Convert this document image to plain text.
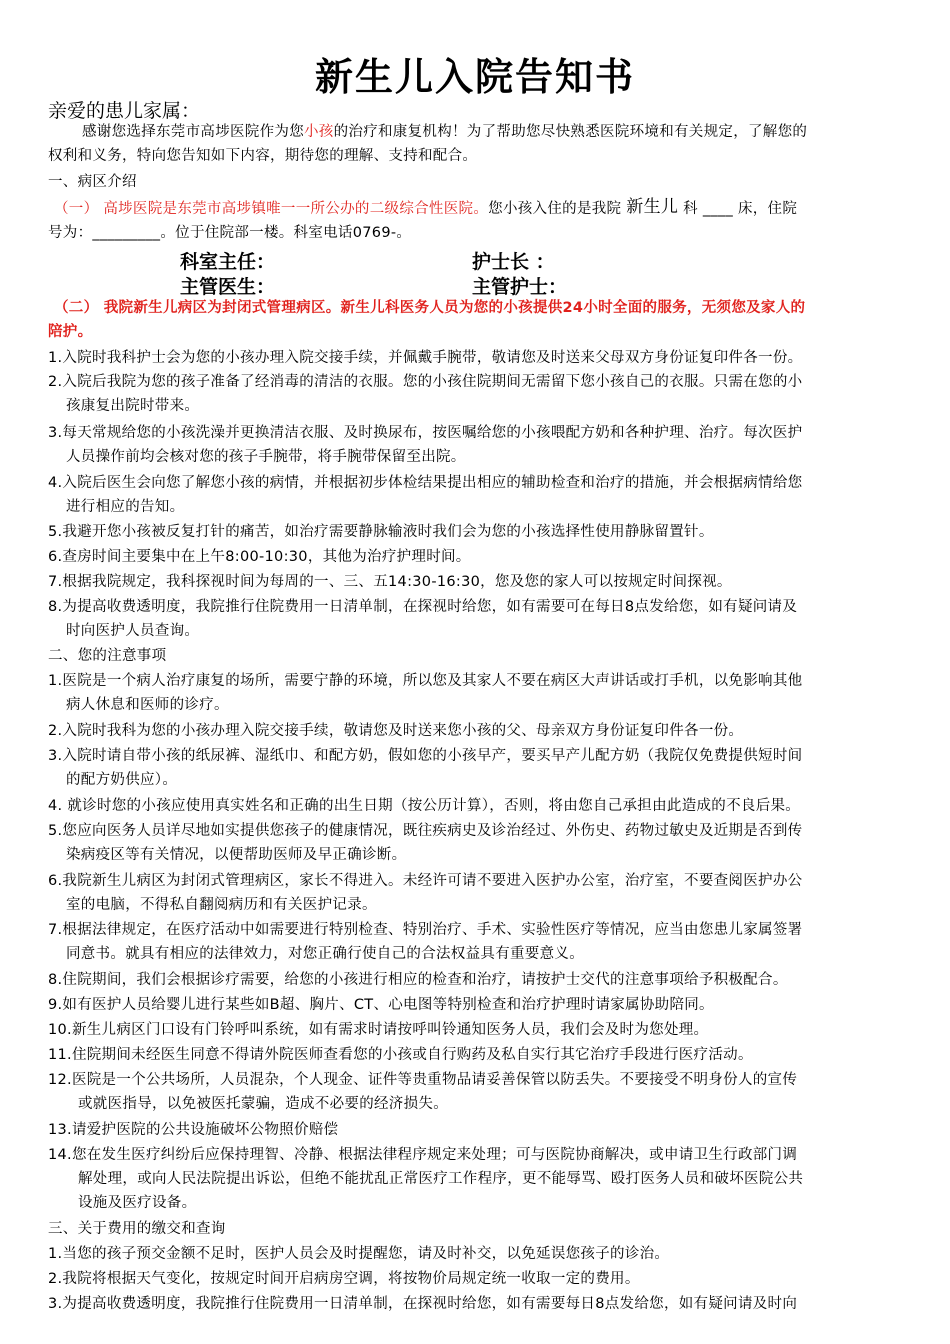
新生儿入院告知书
亲爱的患儿家属：
感谢您选择东莞市高埗医院作为您小孩的治疗和康复机构！为了帮助您尽快熟悉医院环境和有关规定，了解您的
权利和义务，特向您告知如下内容，期待您的理解、支持和配合。
一、病区介绍
（一） 高埗医院是东莞市高埗镇唯一一所公办的二级综合性医院。您小孩入住的是我院 新生儿 科 ____ 床，住院
号为：_________。位于住院部一楼。科室电话0769-。
科室主任：	护士长 ：
主管医生：	主管护士：
（二） 我院新生儿病区为封闭式管理病区。新生儿科医务人员为您的小孩提供24小时全面的服务，无须您及家人的
陪护。
1.入院时我科护士会为您的小孩办理入院交接手续，并佩戴手腕带，敬请您及时送来父母双方身份证复印件各一份。
2.入院后我院为您的孩子准备了经消毒的清洁的衣服。您的小孩住院期间无需留下您小孩自己的衣服。只需在您的小
孩康复出院时带来。
3.每天常规给您的小孩洗澡并更换清洁衣服、及时换尿布，按医嘱给您的小孩喂配方奶和各种护理、治疗。每次医护
人员操作前均会核对您的孩子手腕带，将手腕带保留至出院。
4.入院后医生会向您了解您小孩的病情，并根据初步体检结果提出相应的辅助检查和治疗的措施，并会根据病情给您
进行相应的告知。
5.我避开您小孩被反复打针的痛苦，如治疗需要静脉输液时我们会为您的小孩选择性使用静脉留置针。
6.查房时间主要集中在上午8:00-10:30，其他为治疗护理时间。
7.根据我院规定，我科探视时间为每周的一、三、五14:30-16:30，您及您的家人可以按规定时间探视。
8.为提高收费透明度，我院推行住院费用一日清单制，在探视时给您，如有需要可在每日8点发给您，如有疑问请及
时向医护人员查询。
二、您的注意事项
1.医院是一个病人治疗康复的场所，需要宁静的环境，所以您及其家人不要在病区大声讲话或打手机，以免影响其他
病人休息和医师的诊疗。
2.入院时我科为您的小孩办理入院交接手续，敬请您及时送来您小孩的父、母亲双方身份证复印件各一份。
3.入院时请自带小孩的纸尿裤、湿纸巾、和配方奶，假如您的小孩早产，要买早产儿配方奶（我院仅免费提供短时间
的配方奶供应）。
4. 就诊时您的小孩应使用真实姓名和正确的出生日期（按公历计算），否则，将由您自己承担由此造成的不良后果。
5.您应向医务人员详尽地如实提供您孩子的健康情况，既往疾病史及诊治经过、外伤史、药物过敏史及近期是否到传
染病疫区等有关情况，以便帮助医师及早正确诊断。
6.我院新生儿病区为封闭式管理病区，家长不得进入。未经许可请不要进入医护办公室，治疗室，不要查阅医护办公
室的电脑，不得私自翻阅病历和有关医护记录。
7.根据法律规定，在医疗活动中如需要进行特别检查、特别治疗、手术、实验性医疗等情况，应当由您患儿家属签署
同意书。就具有相应的法律效力，对您正确行使自己的合法权益具有重要意义。
8.住院期间，我们会根据诊疗需要，给您的小孩进行相应的检查和治疗，请按护士交代的注意事项给予积极配合。
9.如有医护人员给婴儿进行某些如B超、胸片、CT、心电图等特别检查和治疗护理时请家属协助陪同。
10.新生儿病区门口设有门铃呼叫系统，如有需求时请按呼叫铃通知医务人员，我们会及时为您处理。
11.住院期间未经医生同意不得请外院医师查看您的小孩或自行购药及私自实行其它治疗手段进行医疗活动。
12.医院是一个公共场所，人员混杂，个人现金、证件等贵重物品请妥善保管以防丢失。不要接受不明身份人的宣传
或就医指导，以免被医托蒙骗，造成不必要的经济损失。
13.请爱护医院的公共设施破坏公物照价赔偿
14.您在发生医疗纠纷后应保持理智、冷静、根据法律程序规定来处理；可与医院协商解决，或申请卫生行政部门调
解处理，或向人民法院提出诉讼，但绝不能扰乱正常医疗工作程序，更不能辱骂、殴打医务人员和破坏医院公共
设施及医疗设备。
三、关于费用的缴交和查询
1.当您的孩子预交金额不足时，医护人员会及时提醒您，请及时补交，以免延误您孩子的诊治。
2.我院将根据天气变化，按规定时间开启病房空调，将按物价局规定统一收取一定的费用。
3.为提高收费透明度，我院推行住院费用一日清单制，在探视时给您，如有需要每日8点发给您，如有疑问请及时向
